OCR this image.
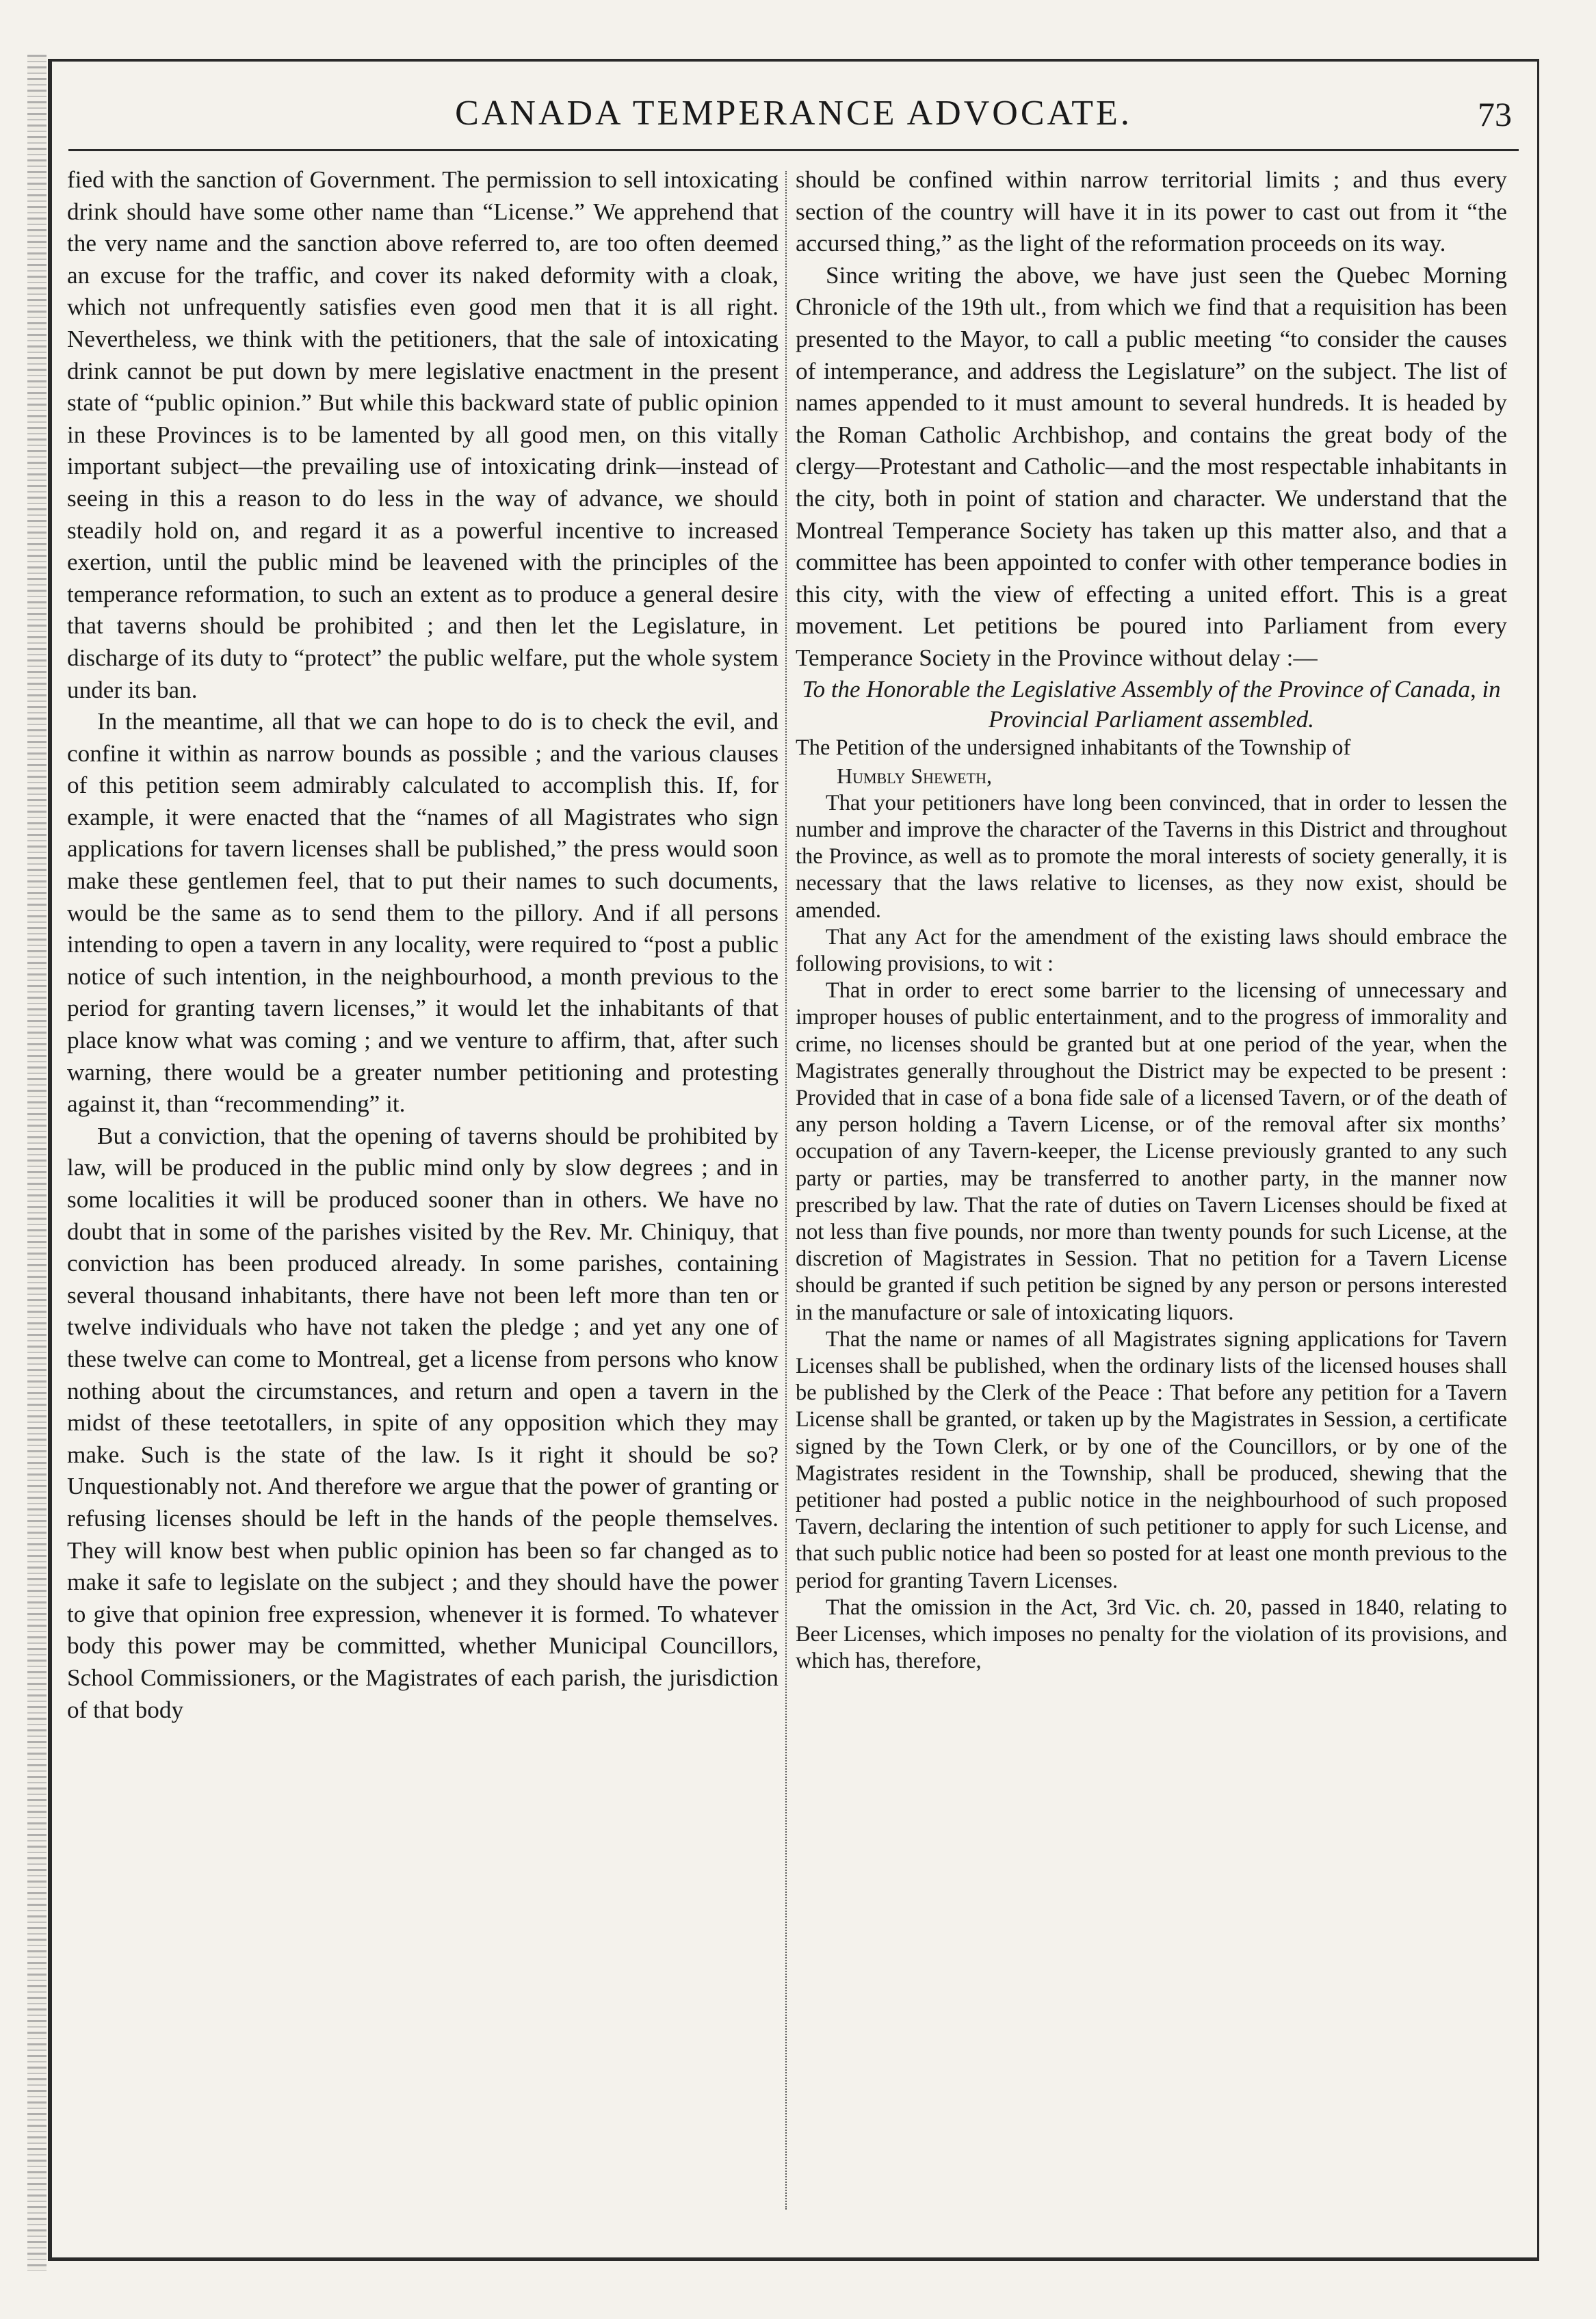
CANADA TEMPERANCE ADVOCATE.	73

fied with the sanction of Government. The permission to sell intoxicating drink should have some other name than “License.” We apprehend that the very name and the sanction above referred to, are too often deemed an excuse for the traffic, and cover its naked deformity with a cloak, which not unfrequently satisfies even good men that it is all right. Nevertheless, we think with the petitioners, that the sale of intoxicating drink cannot be put down by mere legislative enactment in the present state of “public opinion.” But while this backward state of public opinion in these Provinces is to be lamented by all good men, on this vitally important subject—the prevailing use of intoxicating drink—instead of seeing in this a reason to do less in the way of advance, we should steadily hold on, and regard it as a powerful incentive to increased exertion, until the public mind be leavened with the principles of the temperance reformation, to such an extent as to produce a general desire that taverns should be prohibited ; and then let the Legislature, in discharge of its duty to “protect” the public welfare, put the whole system under its ban.

In the meantime, all that we can hope to do is to check the evil, and confine it within as narrow bounds as possible ; and the various clauses of this petition seem admirably calculated to accomplish this. If, for example, it were enacted that the “names of all Magistrates who sign applications for tavern licenses shall be published,” the press would soon make these gentlemen feel, that to put their names to such documents, would be the same as to send them to the pillory. And if all persons intending to open a tavern in any locality, were required to “post a public notice of such intention, in the neighbourhood, a month previous to the period for granting tavern licenses,” it would let the inhabitants of that place know what was coming ; and we venture to affirm, that, after such warning, there would be a greater number petitioning and protesting against it, than “recommending” it.

But a conviction, that the opening of taverns should be prohibited by law, will be produced in the public mind only by slow degrees ; and in some localities it will be produced sooner than in others. We have no doubt that in some of the parishes visited by the Rev. Mr. Chiniquy, that conviction has been produced already. In some parishes, containing several thousand inhabitants, there have not been left more than ten or twelve individuals who have not taken the pledge ; and yet any one of these twelve can come to Montreal, get a license from persons who know nothing about the circumstances, and return and open a tavern in the midst of these teetotallers, in spite of any opposition which they may make. Such is the state of the law. Is it right it should be so? Unquestionably not. And therefore we argue that the power of granting or refusing licenses should be left in the hands of the people themselves. They will know best when public opinion has been so far changed as to make it safe to legislate on the subject ; and they should have the power to give that opinion free expression, whenever it is formed. To whatever body this power may be committed, whether Municipal Councillors, School Commissioners, or the Magistrates of each parish, the jurisdiction of that body

should be confined within narrow territorial limits ; and thus every section of the country will have it in its power to cast out from it “the accursed thing,” as the light of the reformation proceeds on its way.

Since writing the above, we have just seen the Quebec Morning Chronicle of the 19th ult., from which we find that a requisition has been presented to the Mayor, to call a public meeting “to consider the causes of intemperance, and address the Legislature” on the subject. The list of names appended to it must amount to several hundreds. It is headed by the Roman Catholic Archbishop, and contains the great body of the clergy—Protestant and Catholic—and the most respectable inhabitants in the city, both in point of station and character. We understand that the Montreal Temperance Society has taken up this matter also, and that a committee has been appointed to confer with other temperance bodies in this city, with the view of effecting a united effort. This is a great movement. Let petitions be poured into Parliament from every Temperance Society in the Province without delay :—

To the Honorable the Legislative Assembly of the Province of Canada, in Provincial Parliament assembled.

The Petition of the undersigned inhabitants of the Township of

Humbly Sheweth,

That your petitioners have long been convinced, that in order to lessen the number and improve the character of the Taverns in this District and throughout the Province, as well as to promote the moral interests of society generally, it is necessary that the laws relative to licenses, as they now exist, should be amended.

That any Act for the amendment of the existing laws should embrace the following provisions, to wit :

That in order to erect some barrier to the licensing of unnecessary and improper houses of public entertainment, and to the progress of immorality and crime, no licenses should be granted but at one period of the year, when the Magistrates generally throughout the District may be expected to be present : Provided that in case of a bona fide sale of a licensed Tavern, or of the death of any person holding a Tavern License, or of the removal after six months’ occupation of any Tavern-keeper, the License previously granted to any such party or parties, may be transferred to another party, in the manner now prescribed by law. That the rate of duties on Tavern Licenses should be fixed at not less than five pounds, nor more than twenty pounds for such License, at the discretion of Magistrates in Session. That no petition for a Tavern License should be granted if such petition be signed by any person or persons interested in the manufacture or sale of intoxicating liquors.

That the name or names of all Magistrates signing applications for Tavern Licenses shall be published, when the ordinary lists of the licensed houses shall be published by the Clerk of the Peace : That before any petition for a Tavern License shall be granted, or taken up by the Magistrates in Session, a certificate signed by the Town Clerk, or by one of the Councillors, or by one of the Magistrates resident in the Township, shall be produced, shewing that the petitioner had posted a public notice in the neighbourhood of such proposed Tavern, declaring the intention of such petitioner to apply for such License, and that such public notice had been so posted for at least one month previous to the period for granting Tavern Licenses.

That the omission in the Act, 3rd Vic. ch. 20, passed in 1840, relating to Beer Licenses, which imposes no penalty for the violation of its provisions, and which has, therefore,
